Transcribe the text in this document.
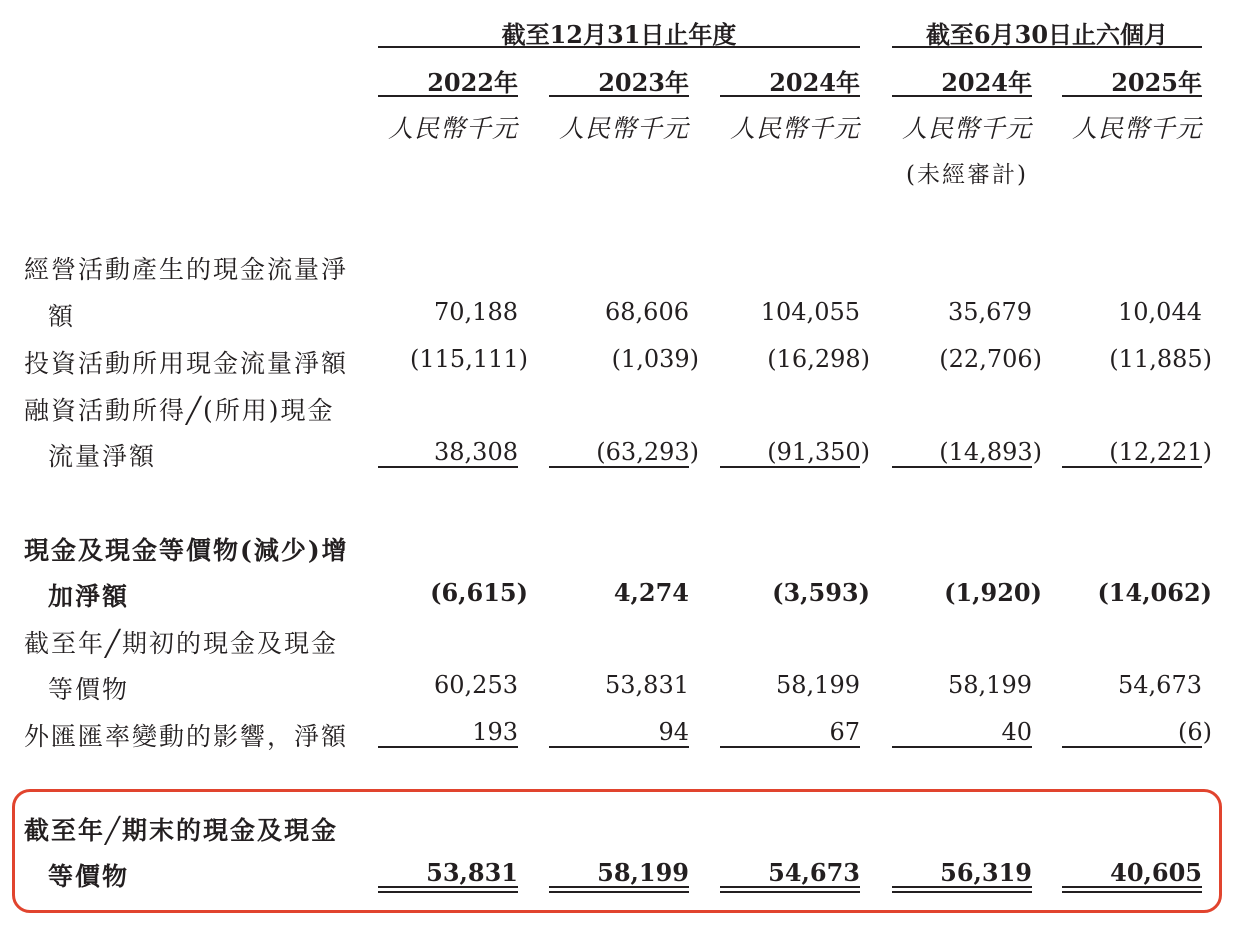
截至12月31日止年度	截至6月30日止六個月
2022年	2023年	2024年	2024年	2025年
人民幣千元	人民幣千元	人民幣千元	人民幣千元	人民幣千元
(未經審計)
經營活動產生的現金流量淨
額	70,188	68,606	104,055	35,679	10,044
投資活動所用現金流量淨額	(115,111)	(1,039)	(16,298)	(22,706)	(11,885)
融資活動所得╱(所用)現金
流量淨額	38,308	(63,293)	(91,350)	(14,893)	(12,221)
現金及現金等價物(減少)增
加淨額	(6,615)	4,274	(3,593)	(1,920)	(14,062)
截至年╱期初的現金及現金
等價物	60,253	53,831	58,199	58,199	54,673
外匯匯率變動的影響，淨額	193	94	67	40	(6)
截至年╱期末的現金及現金
等價物	53,831	58,199	54,673	56,319	40,605
